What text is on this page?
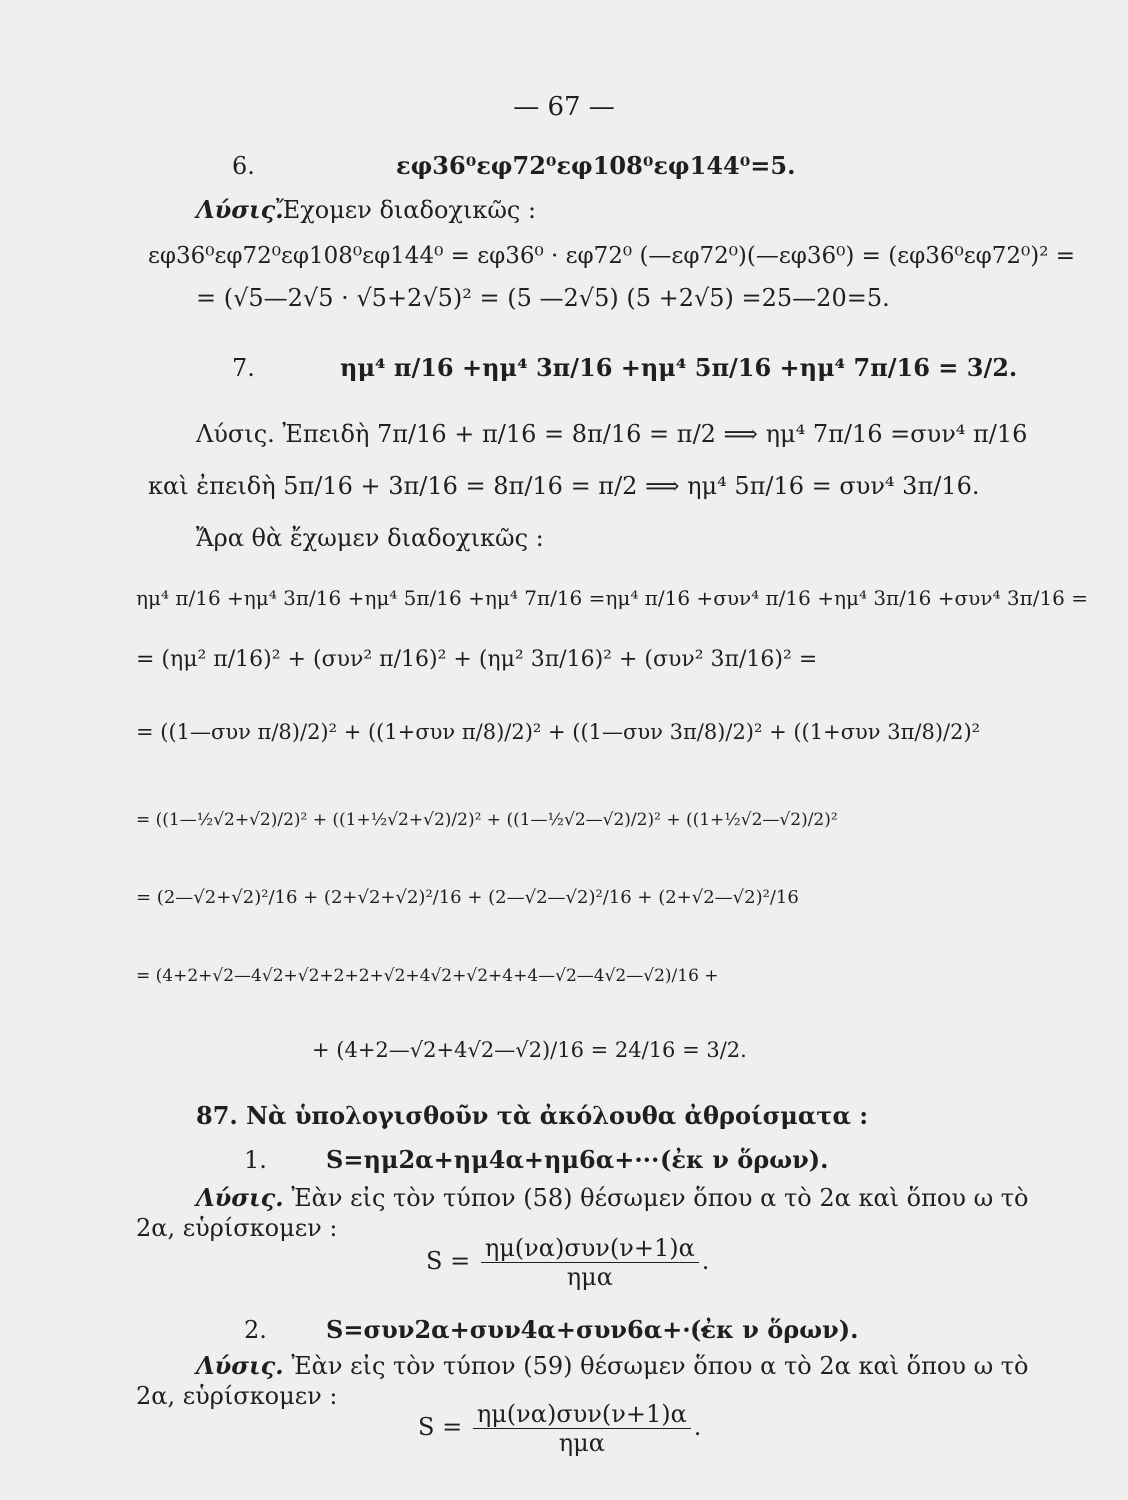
— 67 —
6.	εφ36⁰εφ72⁰εφ108⁰εφ144⁰=5.
Λύσις.
Ἔχομεν διαδοχικῶς :
εφ36⁰εφ72⁰εφ108⁰εφ144⁰ = εφ36⁰ · εφ72⁰ (—εφ72⁰)(—εφ36⁰) = (εφ36⁰εφ72⁰)² =
= (√5—2√5 · √5+2√5)² = (5 —2√5) (5 +2√5) =25—20=5.
7.	ημ⁴ π/16 +ημ⁴ 3π/16 +ημ⁴ 5π/16 +ημ⁴ 7π/16 = 3/2.
Λύσις. Ἐπειδὴ 7π/16 + π/16 = 8π/16 = π/2 ⟹ ημ⁴ 7π/16 =συν⁴ π/16
καὶ ἐπειδὴ 5π/16 + 3π/16 = 8π/16 = π/2 ⟹ ημ⁴ 5π/16 = συν⁴ 3π/16.
Ἄρα θὰ ἔχωμεν διαδοχικῶς :
ημ⁴ π/16 +ημ⁴ 3π/16 +ημ⁴ 5π/16 +ημ⁴ 7π/16 =ημ⁴ π/16 +συν⁴ π/16 +ημ⁴ 3π/16 +συν⁴ 3π/16 =
= (ημ² π/16)² + (συν² π/16)² + (ημ² 3π/16)² + (συν² 3π/16)² =
= ((1—συν π/8)/2)² + ((1+συν π/8)/2)² + ((1—συν 3π/8)/2)² + ((1+συν 3π/8)/2)²
= ((1—½√2+√2)/2)² + ((1+½√2+√2)/2)² + ((1—½√2—√2)/2)² + ((1+½√2—√2)/2)²
= (2—√2+√2)²/16 + (2+√2+√2)²/16 + (2—√2—√2)²/16 + (2+√2—√2)²/16
= (4+2+√2—4√2+√2+2+2+√2+4√2+√2+4+4—√2—4√2—√2)/16 +
+ (4+2—√2+4√2—√2)/16 = 24/16 = 3/2.
87. Νὰ ὑπολογισθοῦν τὰ ἀκόλουθα ἀθροίσματα :
1. S=ημ2α+ημ4α+ημ6α+··· (ἐκ ν ὅρων).
Λύσις. Ἐὰν εἰς τὸν τύπον (58) θέσωμεν ὅπου α τὸ 2α καὶ ὅπου ω τὸ
2α, εὑρίσκομεν :
S = ημ(να)συν(ν+1)α
ημα
.
2. S=συν2α+συν4α+συν6α+···
(ἐκ ν ὅρων).
Λύσις. Ἐὰν εἰς τὸν τύπον (59) θέσωμεν ὅπου α τὸ 2α καὶ ὅπου ω τὸ
2α, εὑρίσκομεν :
S = ημ(να)συν(ν+1)α
ημα
.
